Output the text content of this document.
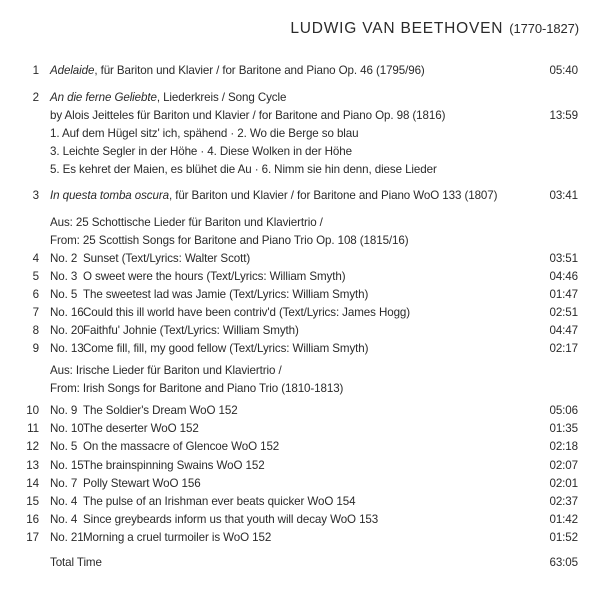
LUDWIG VAN BEETHOVEN (1770-1827)
1 Adelaide, für Bariton und Klavier / for Baritone and Piano Op. 46 (1795/96)	05:40
2 An die ferne Geliebte, Liederkreis / Song Cycle
by Alois Jeitteles für Bariton und Klavier / for Baritone and Piano Op. 98 (1816)	13:59
1. Auf dem Hügel sitz' ich, spähend · 2. Wo die Berge so blau
3. Leichte Segler in der Höhe · 4. Diese Wolken in der Höhe
5. Es kehret der Maien, es blühet die Au · 6. Nimm sie hin denn, diese Lieder
3 In questa tomba oscura, für Bariton und Klavier / for Baritone and Piano WoO 133 (1807)	03:41
Aus: 25 Schottische Lieder für Bariton und Klaviertrio /
From: 25 Scottish Songs for Baritone and Piano Trio Op. 108 (1815/16)
4 No. 2 Sunset (Text/Lyrics: Walter Scott)	03:51
5 No. 3 O sweet were the hours (Text/Lyrics: William Smyth)	04:46
6 No. 5 The sweetest lad was Jamie (Text/Lyrics: William Smyth)	01:47
7 No. 16 Could this ill world have been contriv'd (Text/Lyrics: James Hogg)	02:51
8 No. 20 Faithfu' Johnie (Text/Lyrics: William Smyth)	04:47
9 No. 13 Come fill, fill, my good fellow (Text/Lyrics: William Smyth)	02:17
Aus: Irische Lieder für Bariton und Klaviertrio /
From: Irish Songs for Baritone and Piano Trio (1810-1813)
10 No. 9 The Soldier's Dream WoO 152	05:06
11 No. 10 The deserter WoO 152	01:35
12 No. 5 On the massacre of Glencoe WoO 152	02:18
13 No. 15 The brainspinning Swains WoO 152	02:07
14 No. 7 Polly Stewart WoO 156	02:01
15 No. 4 The pulse of an Irishman ever beats quicker WoO 154	02:37
16 No. 4 Since greybeards inform us that youth will decay WoO 153	01:42
17 No. 21 Morning a cruel turmoiler is WoO 152	01:52
Total Time	63:05
